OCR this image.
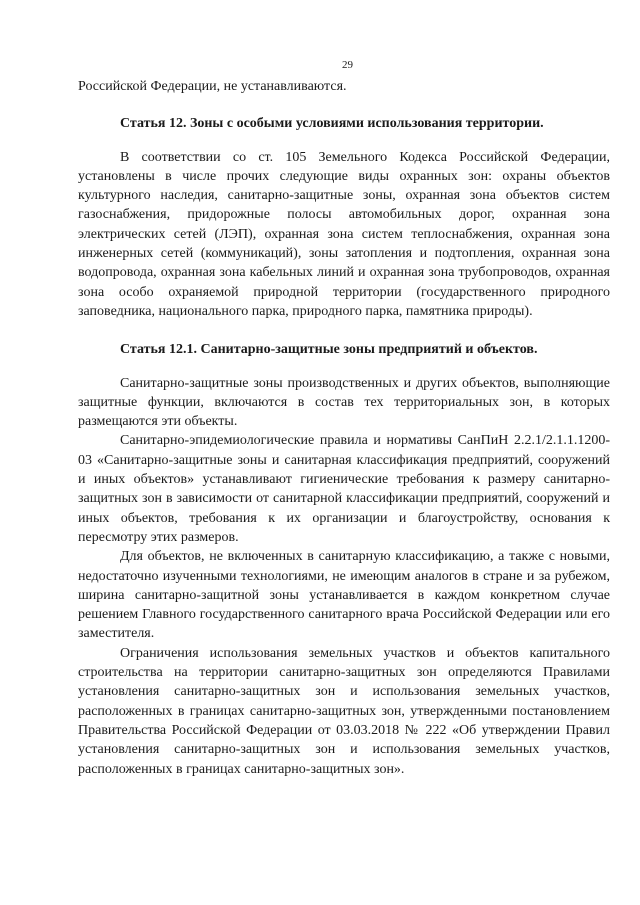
29

Российской Федерации, не устанавливаются.

Статья 12. Зоны с особыми условиями использования территории.

В соответствии со ст. 105 Земельного Кодекса Российской Федерации, установлены в числе прочих следующие виды охранных зон: охраны объектов культурного наследия, санитарно-защитные зоны, охранная зона объектов систем газоснабжения, придорожные полосы автомобильных дорог, охранная зона электрических сетей (ЛЭП), охранная зона систем теплоснабжения, охранная зона инженерных сетей (коммуникаций), зоны затопления и подтопления, охранная зона водопровода, охранная зона кабельных линий и охранная зона трубопроводов, охранная зона особо охраняемой природной территории (государственного природного заповедника, национального парка, природного парка, памятника природы).

Статья 12.1. Санитарно-защитные зоны предприятий и объектов.

Санитарно-защитные зоны производственных и других объектов, выполняющие защитные функции, включаются в состав тех территориальных зон, в которых размещаются эти объекты.

Санитарно-эпидемиологические правила и нормативы СанПиН 2.2.1/2.1.1.1200-03 «Санитарно-защитные зоны и санитарная классификация предприятий, сооружений и иных объектов» устанавливают гигиенические требования к размеру санитарно-защитных зон в зависимости от санитарной классификации предприятий, сооружений и иных объектов, требования к их организации и благоустройству, основания к пересмотру этих размеров.

Для объектов, не включенных в санитарную классификацию, а также с новыми, недостаточно изученными технологиями, не имеющим аналогов в стране и за рубежом, ширина санитарно-защитной зоны устанавливается в каждом конкретном случае решением Главного государственного санитарного врача Российской Федерации или его заместителя.

Ограничения использования земельных участков и объектов капитального строительства на территории санитарно-защитных зон определяются Правилами установления санитарно-защитных зон и использования земельных участков, расположенных в границах санитарно-защитных зон, утвержденными постановлением Правительства Российской Федерации от 03.03.2018 № 222 «Об утверждении Правил установления санитарно-защитных зон и использования земельных участков, расположенных в границах санитарно-защитных зон».
